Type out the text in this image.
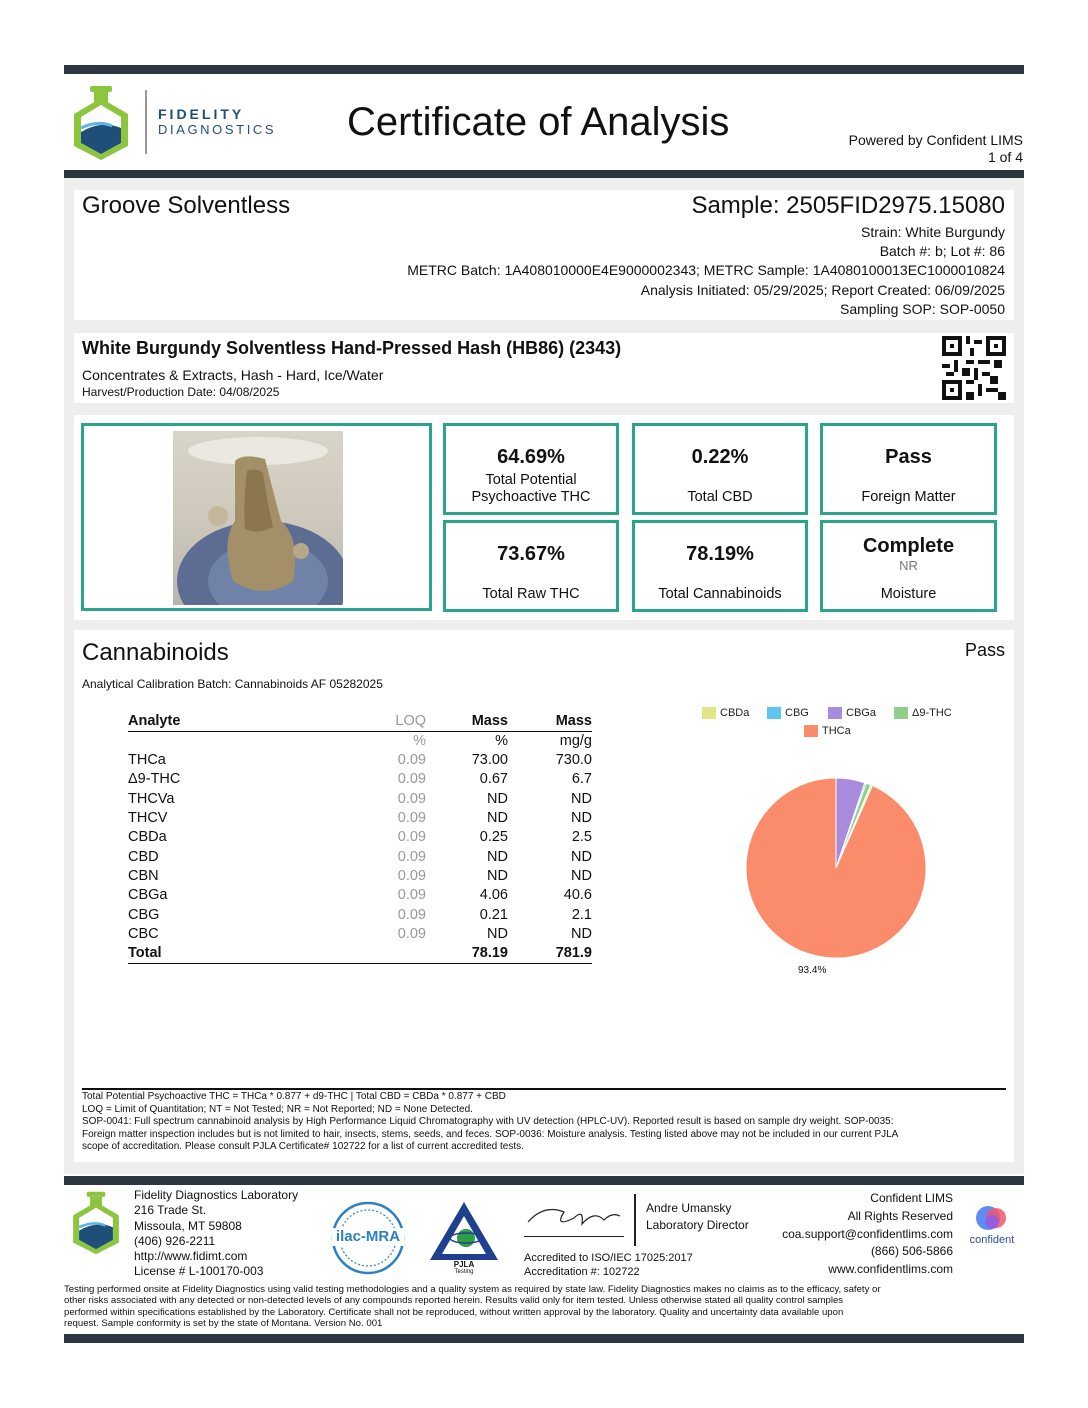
FIDELITY
DIAGNOSTICS Certificate of Analysis	Powered by Confident LIMS
1 of 4
Groove Solventless	Sample: 2505FID2975.15080
Strain: White Burgundy
Batch #: b; Lot #: 86
METRC Batch: 1A408010000E4E9000002343; METRC Sample: 1A4080100013EC1000010824
Analysis Initiated: 05/29/2025; Report Created: 06/09/2025
Sampling SOP: SOP-0050
White Burgundy Solventless Hand-Pressed Hash (HB86) (2343)
Concentrates & Extracts, Hash - Hard, Ice/Water
Harvest/Production Date: 04/08/2025
64.69%
Total Potential
Psychoactive THC
0.22%
Total CBD
Pass
Foreign Matter
73.67%
Total Raw THC
78.19%
Total Cannabinoids
Complete
NR
Moisture
Cannabinoids	Pass
Analytical Calibration Batch: Cannabinoids AF 05282025
Analyte	LOQ	Mass	Mass
	%	%	mg/g
THCa	0.09	73.00	730.0
Δ9-THC	0.09	0.67	6.7
THCVa	0.09	ND	ND
THCV	0.09	ND	ND
CBDa	0.09	0.25	2.5
CBD	0.09	ND	ND
CBN	0.09	ND	ND
CBGa	0.09	4.06	40.6
CBG	0.09	0.21	2.1
CBC	0.09	ND	ND
Total		78.19	781.9
CBDa	CBG	CBGa	Δ9-THC
THCa
93.4%
Total Potential Psychoactive THC = THCa * 0.877 + d9-THC | Total CBD = CBDa * 0.877 + CBD
LOQ = Limit of Quantitation; NT = Not Tested; NR = Not Reported; ND = None Detected.
SOP-0041: Full spectrum cannabinoid analysis by High Performance Liquid Chromatography with UV detection (HPLC-UV). Reported result is based on sample dry weight. SOP-0035:
Foreign matter inspection includes but is not limited to hair, insects, stems, seeds, and feces. SOP-0036: Moisture analysis. Testing listed above may not be included in our current PJLA
scope of accreditation. Please consult PJLA Certificate# 102722 for a list of current accredited tests.
Fidelity Diagnostics Laboratory
216 Trade St.
Missoula, MT 59808
(406) 926-2211
http://www.fidimt.com
License # L-100170-003
ilac-MRA
PJLA
Testing
Andre Umansky
Laboratory Director
Accredited to ISO/IEC 17025:2017
Accreditation #: 102722
Confident LIMS
All Rights Reserved
coa.support@confidentlims.com
(866) 506-5866
www.confidentlims.com
confident
Testing performed onsite at Fidelity Diagnostics using valid testing methodologies and a quality system as required by state law. Fidelity Diagnostics makes no claims as to the efficacy, safety or
other risks associated with any detected or non-detected levels of any compounds reported herein. Results valid only for item tested. Unless otherwise stated all quality control samples
performed within specifications established by the Laboratory. Certificate shall not be reproduced, without written approval by the laboratory. Quality and uncertainty data available upon
request. Sample conformity is set by the state of Montana. Version No. 001
